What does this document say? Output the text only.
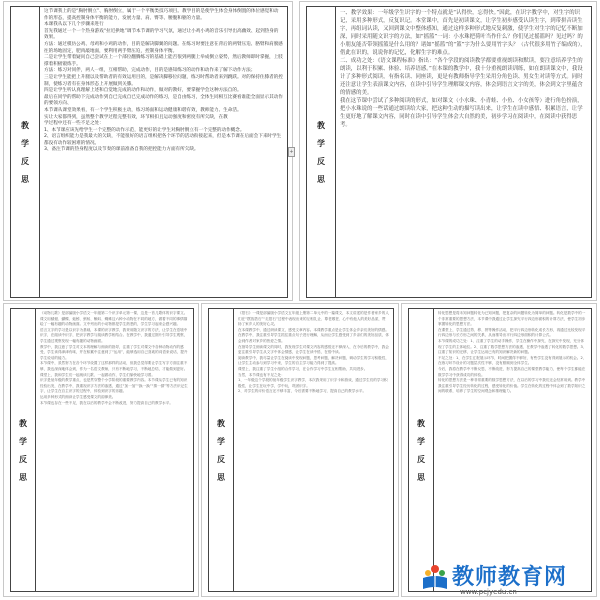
教
学
反
思
这节课我上的是“胸肘倒立”、胸肘倒立，属于一个平衡类技巧项目。教学目的是使学生体会身体倒置的体位感觉和动作的形态，提高控制身体平衡的能力，发展力量、肩、臀等、腰腹和躯的力量。
本课我从以下几个步骤来进行
首先我通过一个一个热身游戏“拉近拱地”调节本节课的学习气氛，通过让小鸡小鸡的音乐引导出高幽效、起到热身的效果。
方法：通过模仿公鸡、母鸡和小鸡的动作，目的是解决脚翼的问题。在练习时要注意在背后的两臂压迫、胳臂和肩膀感往的场地固定，肥肉敲地面，要利用两手臂压迫，控制身体平衡。
二是让学生带着疑问自己尝试在上一个部位翻腾练习的基础上能否很到两腿上举成倒立姿势，然后教师即时掌握，上肢撑着积极锻炼手。
方法：练习对同伴，两人一组，互相帮助，完成动作，目的是感知练习的动作和动作来了解下动作方法；
三是让学生能把上升腿以及帮助者的有效运用目的，是解决脚移位问题，练习时帮助者来到跳跃。对的保持住膝者的控制，使练习者有在身体形态上开展做到关膝。
四是让学生听认真理解上述和自觉地完成的动作和动作，做对的教好，要掌握学会这种方法自的。
最后在同学的帮助下完成动作到自已完成自已完成动作的练习，是自由练习，全体生同相互比赛看谁能全面显示其动作的要领方向、
本节课从课堂效果看，有一个学生积极主动，练习场面和运动健康和谐有效，教师能力、生命活。
实让大家都得到，虽然整个教学过程完整有效，环节相扣且运动强度和密度有所欠缺，在教
学过程中还有一些不足之处：
1、本节课应该先给学生一个完整的动作示范，能更好的让学生对胸肘倒立有一个完整的动作概念。
2、语言组织能力是我最大的欠缺，不能很好的语言组织把各个环节的活动衔接起来，但是本节课在后面会下来时学生都没有动作较困难的情况。
3、备注节课的热身程度以及节奏的课前准备自我的把控能力方面有所欠缺。	+
教
学
反
思
一、教学效果：一年级学生识字的一个特点就是“认得快，忘得快。”因此，在识字教学中，对生字的识记，采用多种形式，反复识记。本堂课中，首先是初读课文，让学生初步感受认读生字，到带拼音读生字，再组词认读，又回到课文中整体感知，通过这样多种形式地反复刺激，使学生对生字的记忆不断加深，同时采用随文识字的方法，如“摇篮”一词：小水珠把荷叶当作什么？你们见过摇篮吗？见过吗？的小朋友能否带领摇篮是什么用的？诸如“摇篮”的“篮”字为什么要用竹字头？（古代很多用竹子编成的），借此在识的，说说你的记忆，化解生字的难点。
二、成功之处：《语文课程标准》指出：“各个学段的阅读教学都要重视朗读和默读，要注意培养学生的朗读，以利于积累、体验、培养语感。”在本课的教学中，我十分重视朗读训练，如在朗读课文中，我设计了多种形式阅读，有指名读、同座读，更是有教师指导学生采用分角色读、男女生对读等方式。同时还注意让学生表演课文内容，在读中引导学生理解课文内容，体会到语言文字的美，体会到文字里蕴含的情感的美。
我在这节课中尝试了多种阅读的形式，如对课文（小水珠、小青蛙、小鱼、小女孩等）进行角色扮演，把小水珠说的一些话通过朗读给大家，把这种生动的描写读出来，让学生在读中感悟、积累语言，让学生更好地了解课文内容，同时在读中引导学生体会大自然的美，初步学习在阅读中，在阅读中获得思考。
教
学
反
思
《动物儿歌》是部编版小学语文一年级第二个识字单元第一课，这是一首儿歌体的识字课文。课文用蜻蜓、蝴蝶、蚯蚓、蚂蚁、蝌蚪、蜘蛛这六种小动物在不同的地方，做着不同的事情描绘了一幅有趣的动物画面。文中列出的小动物都是学生熟悉的，学生学习起来会感兴趣。
语言文字的学习是以识字为基础，本课的识字教学，我采用随文识字的方法，让学生在语境中识字，在阅读中识字，把识字教学与阅读教学相结合。在教学中，我通过图片引导学生观察，学生通过观察发现一幅有趣的动物画面。
教学中，我注意了学生对文本的理解与朗读的指导，注重了学生对课文中各种动物动作的感受，学生读得津津有味，并在积累中注意到了“运用”，能够选用自己喜欢的词语来说话，提升学生说话的能力。
本节课中，虽然努力在各个环节设置了这样那样的活动，但我总觉得要让学生写字方面注重不够，我也深深地体会到，作为一名语文教师，只有不断地学习，不断地总结，才能做到更好。课堂上，我和学生们一起朗读儿歌、一起做动作，学生们愉快地学习着。
识字是低年级的教学重点，也是贯穿整个小学阶段的重要教学内容。本节课从学生已有的知识经验出发，在教学中，我重视识字方法的渗透，通过“加一加”“换一换”“猜一猜”等方法识记生字，让学生在自主识字的过程中，体验到识字的乐趣。
运用多种形式的朗读让学生感受课文的韵律美。
本节课也存在一些不足，我在以后的教学中会不断改进，努力提高自己的教学水平。
教
学
反
思
《搭石》一课是部编版小学语文五年级上册第二单元中的一篇课文，本文讲述的是作者家乡的人们在“摆放搭石”“走搭石”过程中表现出来的互相礼让、尊老敬老、心中有他人的美好品质，赞扬了家乡人的美好心灵。
在本课教学中，通过研读课文，感受文章内容。本课教学重点是让学生体会乡亲们美好的情感。在教学中，我注重引导学生抓住重点句子进行理解，从而让学生感受到了乡亲们的美好品质，体会到作者对家乡的热爱之情。
在指导学生朗读课文的同时，我发现学生对课文内容的感悟还不够深入，在今后的教学中，我会更注重引导学生从文字中体会情感，让学生在读中悟，在悟中读。
阅读教学中，我尽量让学生在阅读中发现问题，思考问题，解决问题，调动学生的学习积极性，让学生主动参与到学习中来，学生的自主学习能力得到了提高。
课堂上，我注重了学生小组的合作学习，在合作学习中学生互相帮助，共同进步。
当然，本节课也有不足之处：
1、一年级这个学段的低年级学生识字教学，本次我采用了识字卡和游戏，通过学生们的学习积极性，让学生在玩中学，学中玩，巩固识字。
2、对学生的评价语言还不够丰富，今后需要不断地学习，提高自己的教学水平。
教
学
反
思
转化思想是将未知问题转化为已知问题，把复杂的问题转化为简单的问题。转化是数学中的一个非常重要的思想方法，本节课中我通过让学生探究平行四边形面积的计算方法，使学生初步掌握转化的思想方法。
在课堂上，学生通过剪、移、拼等操作活动，把平行四边形转化成长方形，再通过比较发现平行四边形与长方形之间的关系，从而推导出平行四边形面积的计算公式。
本节课的成功之处：1、注重了学生的动手操作，学生在操作中探究，在探究中发现，充分体现了学生的主体地位。2、注重了数学思想方法的渗透，在教学中渗透了转化的数学思想。3、注重了知识的迁移，让学生运用已有的知识解决新的问题。
不足之处：1、在学生汇报展示环节，时间把握得不够好，有些学生没有得到展示的机会。2、在练习环节设计的习题层次性不够，没有照顾到全体学生。
今后，我将在教学中不断反思，不断改进，努力提高自己的课堂教学能力，使每个学生都能在数学学习中获得成功的体验。
转化的思想方法是一种非常重要的数学思想方法，在以后的学习中我们还会经常用到。教学中我注重引导学生经历转化的过程，感受转化的价值。学生在转化的过程中体会到了数学知识之间的联系，培养了学生的空间观念和推理能力。
教师教育网
www.pcjyedu.cn
